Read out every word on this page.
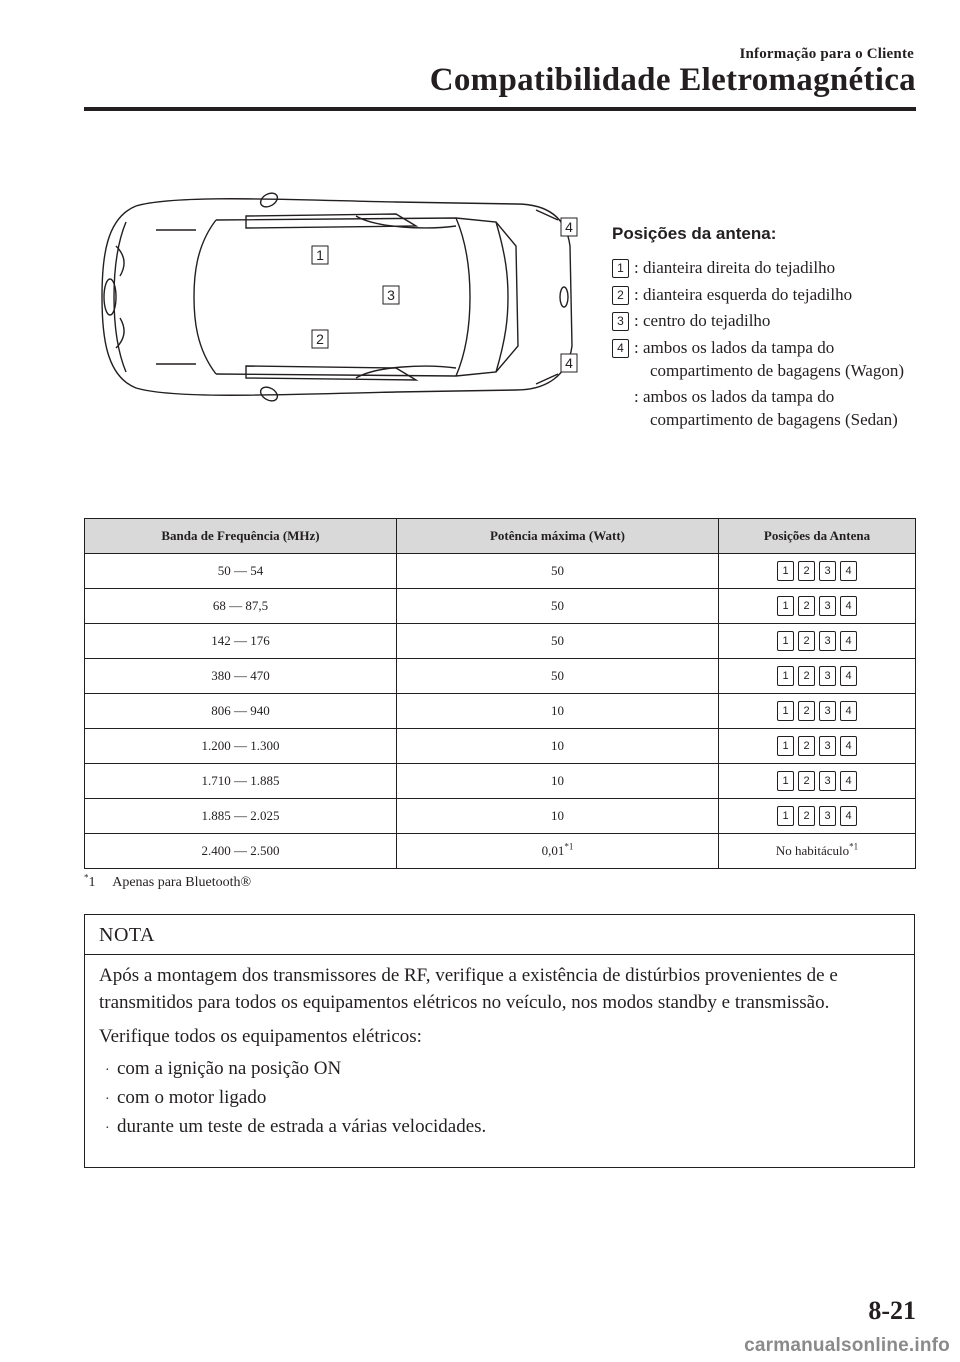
Informação para o Cliente
Compatibilidade Eletromagnética
1
2
3
4
4
Posições da antena:
1 : dianteira direita do tejadilho
2 : dianteira esquerda do tejadilho
3 : centro do tejadilho
4 : ambos os lados da tampa do compartimento de bagagens (Wagon)
: ambos os lados da tampa do compartimento de bagagens (Sedan)
Banda de Frequência (MHz)	Potência máxima (Watt)	Posições da Antena
50 ― 54	50	1 2 3 4

68 ― 87,5	50	1 2 3 4

142 ― 176	50	1 2 3 4

380 ― 470	50	1 2 3 4

806 ― 940	10	1 2 3 4

1.200 ― 1.300	10	1 2 3 4

1.710 ― 1.885	10	1 2 3 4

1.885 ― 2.025	10	1 2 3 4

2.400 ― 2.500	0,01$^{*1}$	No habitáculo$^{*1}$
*1     Apenas para Bluetooth®
NOTA

Após a montagem dos transmissores de RF, verifique a existência de distúrbios provenientes de e transmitidos para todos os equipamentos elétricos no veículo, nos modos standby e transmissão.

Verifique todos os equipamentos elétricos:

· com a ignição na posição ON
· com o motor ligado
· durante um teste de estrada a várias velocidades.
8-21
carmanualsonline.info
